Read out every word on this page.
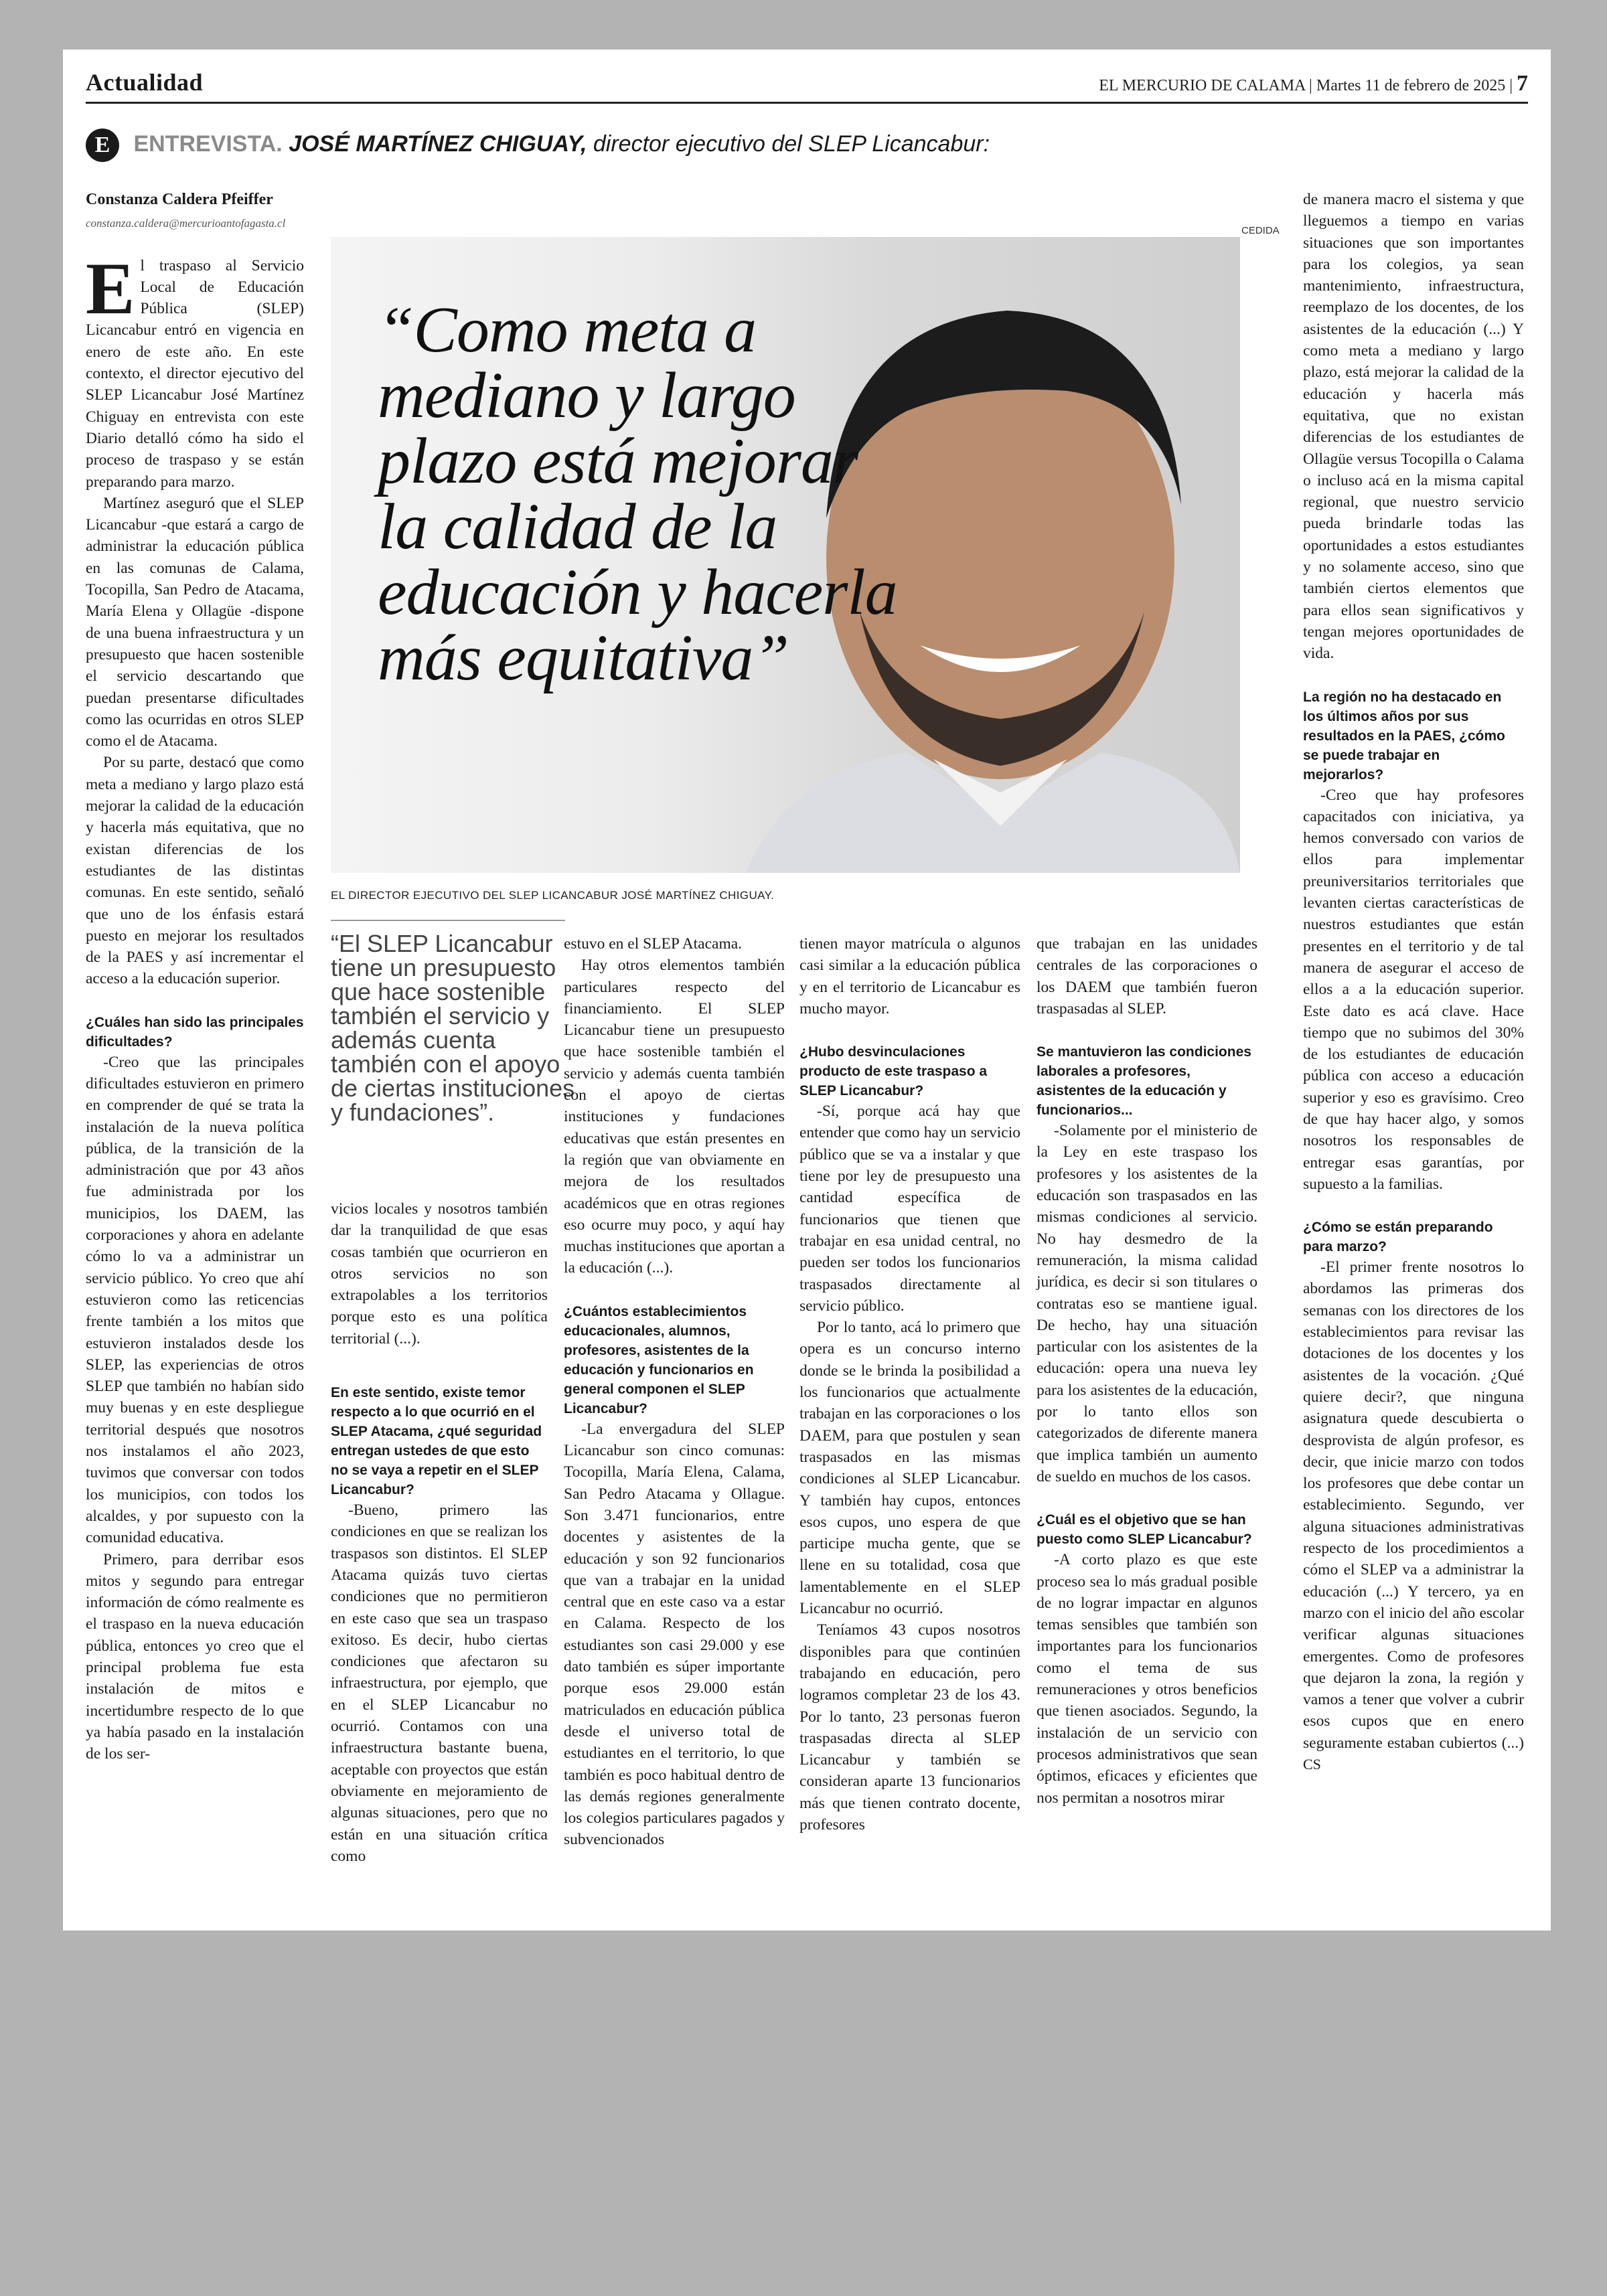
Actualidad	EL MERCURIO DE CALAMA | Martes 11 de febrero de 2025 | 7
E ENTREVISTA. JOSÉ MARTÍNEZ CHIGUAY, director ejecutivo del SLEP Licancabur:
Constanza Caldera Pfeiffer
constanza.caldera@mercurioantofagasta.cl

El traspaso al Servicio Local de Educación Pública (SLEP) Licancabur entró en vigencia en enero de este año. En este contexto, el director ejecutivo del SLEP Licancabur José Martínez Chiguay en entrevista con este Diario detalló cómo ha sido el proceso de traspaso y se están preparando para marzo.

Martínez aseguró que el SLEP Licancabur -que estará a cargo de administrar la educación pública en las comunas de Calama, Tocopilla, San Pedro de Atacama, María Elena y Ollagüe -dispone de una buena infraestructura y un presupuesto que hacen sostenible el servicio descartando que puedan presentarse dificultades como las ocurridas en otros SLEP como el de Atacama.

Por su parte, destacó que como meta a mediano y largo plazo está mejorar la calidad de la educación y hacerla más equitativa, que no existan diferencias de los estudiantes de las distintas comunas. En este sentido, señaló que uno de los énfasis estará puesto en mejorar los resultados de la PAES y así incrementar el acceso a la educación superior.

¿Cuáles han sido las principales dificultades?

-Creo que las principales dificultades estuvieron en primero en comprender de qué se trata la instalación de la nueva política pública, de la transición de la administración que por 43 años fue administrada por los municipios, los DAEM, las corporaciones y ahora en adelante cómo lo va a administrar un servicio público. Yo creo que ahí estuvieron como las reticencias frente también a los mitos que estuvieron instalados desde los SLEP, las experiencias de otros SLEP que también no habían sido muy buenas y en este despliegue territorial después que nosotros nos instalamos el año 2023, tuvimos que conversar con todos los municipios, con todos los alcaldes, y por supuesto con la comunidad educativa.

Primero, para derribar esos mitos y segundo para entregar información de cómo realmente es el traspaso en la nueva educación pública, entonces yo creo que el principal problema fue esta instalación de mitos e incertidumbre respecto de lo que ya había pasado en la instalación de los ser-

CEDIDA
“Como meta a mediano y largo plazo está mejorar la calidad de la educación y hacerla más equitativa”
EL DIRECTOR EJECUTIVO DEL SLEP LICANCABUR JOSÉ MARTÍNEZ CHIGUAY.
“El SLEP Licancabur tiene un presupuesto que hace sostenible también el servicio y además cuenta también con el apoyo de ciertas instituciones y fundaciones”.

vicios locales y nosotros también dar la tranquilidad de que esas cosas también que ocurrieron en otros servicios no son extrapolables a los territorios porque esto es una política territorial (...).

En este sentido, existe temor respecto a lo que ocurrió en el SLEP Atacama, ¿qué seguridad entregan ustedes de que esto no se vaya a repetir en el SLEP Licancabur?

-Bueno, primero las condiciones en que se realizan los traspasos son distintos. El SLEP Atacama quizás tuvo ciertas condiciones que no permitieron en este caso que sea un traspaso exitoso. Es decir, hubo ciertas condiciones que afectaron su infraestructura, por ejemplo, que en el SLEP Licancabur no ocurrió. Contamos con una infraestructura bastante buena, aceptable con proyectos que están obviamente en mejoramiento de algunas situaciones, pero que no están en una situación crítica como

estuvo en el SLEP Atacama.

Hay otros elementos también particulares respecto del financiamiento. El SLEP Licancabur tiene un presupuesto que hace sostenible también el servicio y además cuenta también con el apoyo de ciertas instituciones y fundaciones educativas que están presentes en la región que van obviamente en mejora de los resultados académicos que en otras regiones eso ocurre muy poco, y aquí hay muchas instituciones que aportan a la educación (...).

¿Cuántos establecimientos educacionales, alumnos, profesores, asistentes de la educación y funcionarios en general componen el SLEP Licancabur?

-La envergadura del SLEP Licancabur son cinco comunas: Tocopilla, María Elena, Calama, San Pedro Atacama y Ollague. Son 3.471 funcionarios, entre docentes y asistentes de la educación y son 92 funcionarios que van a trabajar en la unidad central que en este caso va a estar en Calama. Respecto de los estudiantes son casi 29.000 y ese dato también es súper importante porque esos 29.000 están matriculados en educación pública desde el universo total de estudiantes en el territorio, lo que también es poco habitual dentro de las demás regiones generalmente los colegios particulares pagados y subvencionados

tienen mayor matrícula o algunos casi similar a la educación pública y en el territorio de Licancabur es mucho mayor.

¿Hubo desvinculaciones producto de este traspaso a SLEP Licancabur?

-Sí, porque acá hay que entender que como hay un servicio público que se va a instalar y que tiene por ley de presupuesto una cantidad específica de funcionarios que tienen que trabajar en esa unidad central, no pueden ser todos los funcionarios traspasados directamente al servicio público.

Por lo tanto, acá lo primero que opera es un concurso interno donde se le brinda la posibilidad a los funcionarios que actualmente trabajan en las corporaciones o los DAEM, para que postulen y sean traspasados en las mismas condiciones al SLEP Licancabur. Y también hay cupos, entonces esos cupos, uno espera de que participe mucha gente, que se llene en su totalidad, cosa que lamentablemente en el SLEP Licancabur no ocurrió.

Teníamos 43 cupos nosotros disponibles para que continúen trabajando en educación, pero logramos completar 23 de los 43. Por lo tanto, 23 personas fueron traspasadas directa al SLEP Licancabur y también se consideran aparte 13 funcionarios más que tienen contrato docente, profesores

que trabajan en las unidades centrales de las corporaciones o los DAEM que también fueron traspasadas al SLEP.

Se mantuvieron las condiciones laborales a profesores, asistentes de la educación y funcionarios...

-Solamente por el ministerio de la Ley en este traspaso los profesores y los asistentes de la educación son traspasados en las mismas condiciones al servicio. No hay desmedro de la remuneración, la misma calidad jurídica, es decir si son titulares o contratas eso se mantiene igual. De hecho, hay una situación particular con los asistentes de la educación: opera una nueva ley para los asistentes de la educación, por lo tanto ellos son categorizados de diferente manera que implica también un aumento de sueldo en muchos de los casos.

¿Cuál es el objetivo que se han puesto como SLEP Licancabur?

-A corto plazo es que este proceso sea lo más gradual posible de no lograr impactar en algunos temas sensibles que también son importantes para los funcionarios como el tema de sus remuneraciones y otros beneficios que tienen asociados. Segundo, la instalación de un servicio con procesos administrativos que sean óptimos, eficaces y eficientes que nos permitan a nosotros mirar

de manera macro el sistema y que lleguemos a tiempo en varias situaciones que son importantes para los colegios, ya sean mantenimiento, infraestructura, reemplazo de los docentes, de los asistentes de la educación (...) Y como meta a mediano y largo plazo, está mejorar la calidad de la educación y hacerla más equitativa, que no existan diferencias de los estudiantes de Ollagüe versus Tocopilla o Calama o incluso acá en la misma capital regional, que nuestro servicio pueda brindarle todas las oportunidades a estos estudiantes y no solamente acceso, sino que también ciertos elementos que para ellos sean significativos y tengan mejores oportunidades de vida.

La región no ha destacado en los últimos años por sus resultados en la PAES, ¿cómo se puede trabajar en mejorarlos?

-Creo que hay profesores capacitados con iniciativa, ya hemos conversado con varios de ellos para implementar preuniversitarios territoriales que levanten ciertas características de nuestros estudiantes que están presentes en el territorio y de tal manera de asegurar el acceso de ellos a a la educación superior. Este dato es acá clave. Hace tiempo que no subimos del 30% de los estudiantes de educación pública con acceso a educación superior y eso es gravísimo. Creo de que hay hacer algo, y somos nosotros los responsables de entregar esas garantías, por supuesto a la familias.

¿Cómo se están preparando para marzo?

-El primer frente nosotros lo abordamos las primeras dos semanas con los directores de los establecimientos para revisar las dotaciones de los docentes y los asistentes de la vocación. ¿Qué quiere decir?, que ninguna asignatura quede descubierta o desprovista de algún profesor, es decir, que inicie marzo con todos los profesores que debe contar un establecimiento. Segundo, ver alguna situaciones administrativas respecto de los procedimientos a cómo el SLEP va a administrar la educación (...) Y tercero, ya en marzo con el inicio del año escolar verificar algunas situaciones emergentes. Como de profesores que dejaron la zona, la región y vamos a tener que volver a cubrir esos cupos que en enero seguramente estaban cubiertos (...) CS
